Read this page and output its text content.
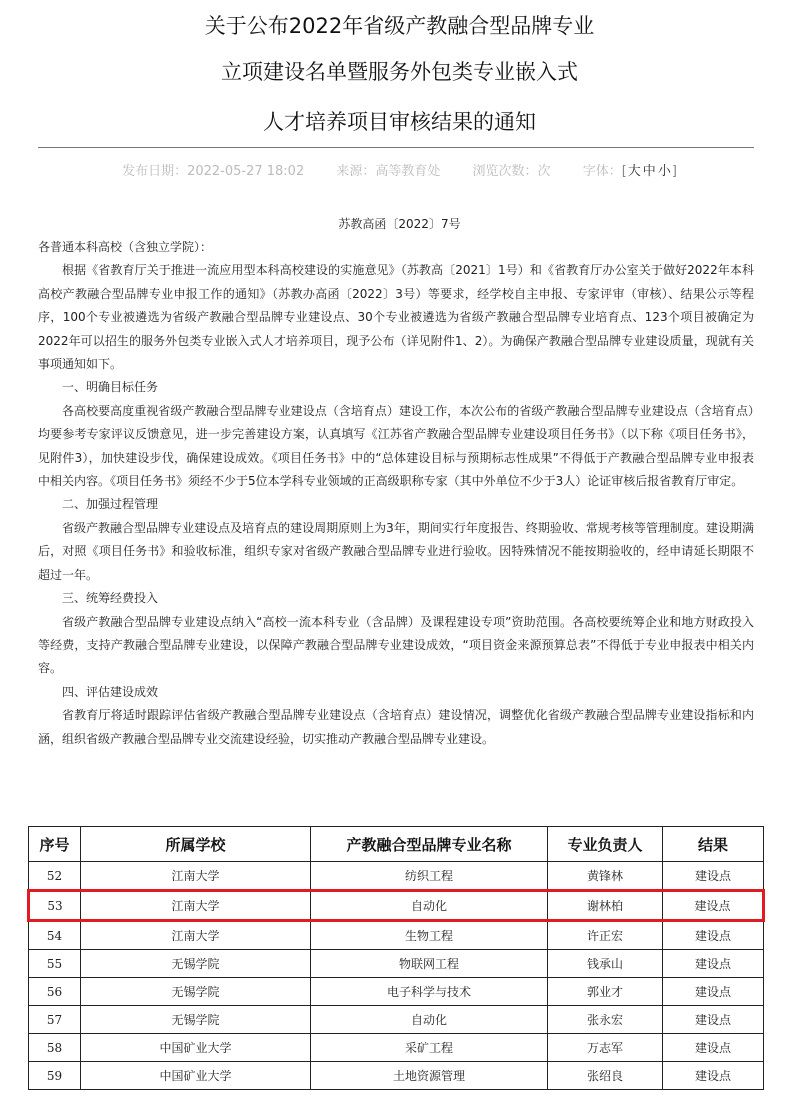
关于公布2022年省级产教融合型品牌专业
立项建设名单暨服务外包类专业嵌入式
人才培养项目审核结果的通知
发布日期：2022-05-27 18:02 来源：高等教育处 浏览次数：次 字体：[大 中 小]
苏教高函〔2022〕7号

各普通本科高校（含独立学院）：

根据《省教育厅关于推进一流应用型本科高校建设的实施意见》（苏教高〔2021〕1号）和《省教育厅办公室关于做好2022年本科高校产教融合型品牌专业申报工作的通知》（苏教办高函〔2022〕3号）等要求，经学校自主申报、专家评审（审核）、结果公示等程序，100个专业被遴选为省级产教融合型品牌专业建设点、30个专业被遴选为省级产教融合型品牌专业培育点、123个项目被确定为2022年可以招生的服务外包类专业嵌入式人才培养项目，现予公布（详见附件1、2）。为确保产教融合型品牌专业建设质量，现就有关事项通知如下。

一、明确目标任务

各高校要高度重视省级产教融合型品牌专业建设点（含培育点）建设工作，本次公布的省级产教融合型品牌专业建设点（含培育点）均要参考专家评议反馈意见，进一步完善建设方案，认真填写《江苏省产教融合型品牌专业建设项目任务书》（以下称《项目任务书》，见附件3），加快建设步伐，确保建设成效。《项目任务书》中的“总体建设目标与预期标志性成果”不得低于产教融合型品牌专业申报表中相关内容。《项目任务书》须经不少于5位本学科专业领域的正高级职称专家（其中外单位不少于3人）论证审核后报省教育厅审定。

二、加强过程管理

省级产教融合型品牌专业建设点及培育点的建设周期原则上为3年，期间实行年度报告、终期验收、常规考核等管理制度。建设期满后，对照《项目任务书》和验收标准，组织专家对省级产教融合型品牌专业进行验收。因特殊情况不能按期验收的，经申请延长期限不超过一年。

三、统筹经费投入

省级产教融合型品牌专业建设点纳入“高校一流本科专业（含品牌）及课程建设专项”资助范围。各高校要统筹企业和地方财政投入等经费，支持产教融合型品牌专业建设，以保障产教融合型品牌专业建设成效，“项目资金来源预算总表”不得低于专业申报表中相关内容。

四、评估建设成效

省教育厅将适时跟踪评估省级产教融合型品牌专业建设点（含培育点）建设情况，调整优化省级产教融合型品牌专业建设指标和内涵，组织省级产教融合型品牌专业交流建设经验，切实推动产教融合型品牌专业建设。

序号	所属学校	产教融合型品牌专业名称	专业负责人	结果
52	江南大学	纺织工程	黄锋林	建设点
53	江南大学	自动化	谢林柏	建设点
54	江南大学	生物工程	许正宏	建设点
55	无锡学院	物联网工程	钱承山	建设点
56	无锡学院	电子科学与技术	郭业才	建设点
57	无锡学院	自动化	张永宏	建设点
58	中国矿业大学	采矿工程	万志军	建设点
59	中国矿业大学	土地资源管理	张绍良	建设点
